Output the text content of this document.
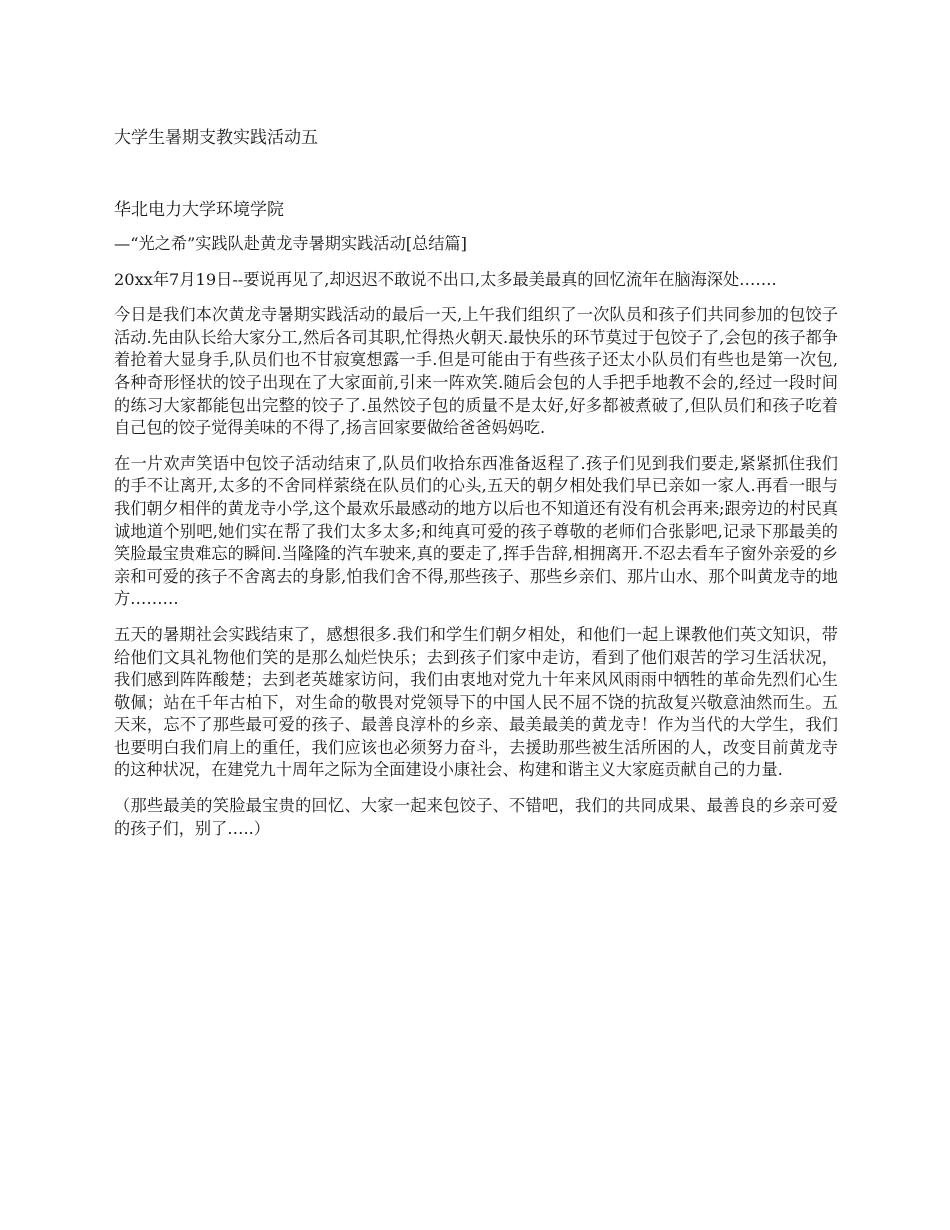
大学生暑期支教实践活动五
华北电力大学环境学院

—“光之希”实践队赴黄龙寺暑期实践活动[总结篇]

20xx年7月19日--要说再见了,却迟迟不敢说不出口,太多最美最真的回忆流年在脑海深处…….

今日是我们本次黄龙寺暑期实践活动的最后一天,上午我们组织了一次队员和孩子们共同参加的包饺子活动.先由队长给大家分工,然后各司其职,忙得热火朝天.最快乐的环节莫过于包饺子了,会包的孩子都争着抢着大显身手,队员们也不甘寂寞想露一手.但是可能由于有些孩子还太小队员们有些也是第一次包,各种奇形怪状的饺子出现在了大家面前,引来一阵欢笑.随后会包的人手把手地教不会的,经过一段时间的练习大家都能包出完整的饺子了.虽然饺子包的质量不是太好,好多都被煮破了,但队员们和孩子吃着自己包的饺子觉得美味的不得了,扬言回家要做给爸爸妈妈吃.

在一片欢声笑语中包饺子活动结束了,队员们收拾东西准备返程了.孩子们见到我们要走,紧紧抓住我们的手不让离开,太多的不舍同样萦绕在队员们的心头,五天的朝夕相处我们早已亲如一家人.再看一眼与我们朝夕相伴的黄龙寺小学,这个最欢乐最感动的地方以后也不知道还有没有机会再来;跟旁边的村民真诚地道个别吧,她们实在帮了我们太多太多;和纯真可爱的孩子尊敬的老师们合张影吧,记录下那最美的笑脸最宝贵难忘的瞬间.当隆隆的汽车驶来,真的要走了,挥手告辞,相拥离开.不忍去看车子窗外亲爱的乡亲和可爱的孩子不舍离去的身影,怕我们舍不得,那些孩子、那些乡亲们、那片山水、那个叫黄龙寺的地方………

五天的暑期社会实践结束了，感想很多.我们和学生们朝夕相处，和他们一起上课教他们英文知识，带给他们文具礼物他们笑的是那么灿烂快乐；去到孩子们家中走访，看到了他们艰苦的学习生活状况，我们感到阵阵酸楚；去到老英雄家访问，我们由衷地对党九十年来风风雨雨中牺牲的革命先烈们心生敬佩；站在千年古柏下，对生命的敬畏对党领导下的中国人民不屈不饶的抗敌复兴敬意油然而生。五天来，忘不了那些最可爱的孩子、最善良淳朴的乡亲、最美最美的黄龙寺！作为当代的大学生，我们也要明白我们肩上的重任，我们应该也必须努力奋斗，去援助那些被生活所困的人，改变目前黄龙寺的这种状况，在建党九十周年之际为全面建设小康社会、构建和谐主义大家庭贡献自己的力量.

（那些最美的笑脸最宝贵的回忆、大家一起来包饺子、不错吧，我们的共同成果、最善良的乡亲可爱的孩子们，别了…..）
